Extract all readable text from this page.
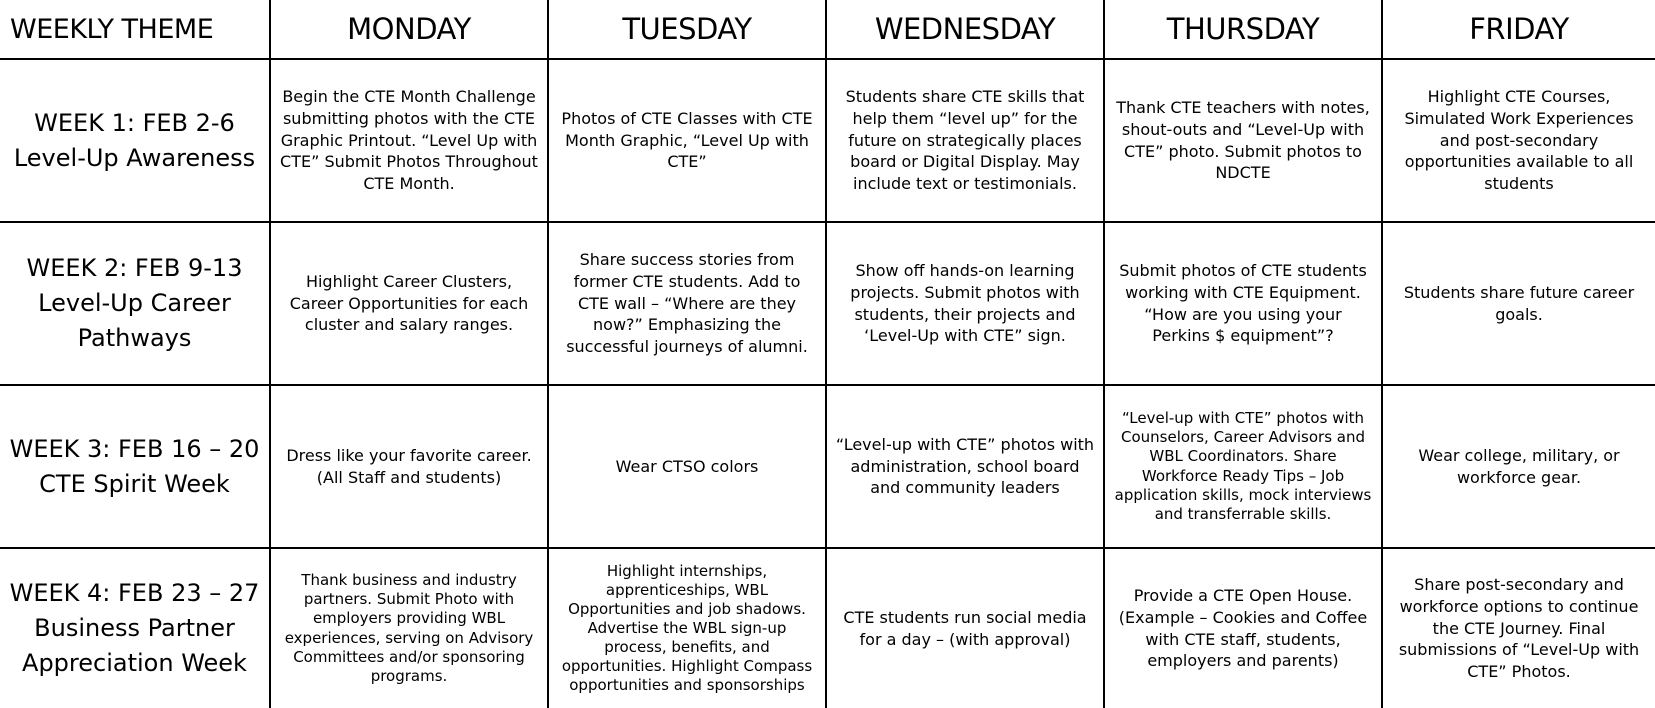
WEEKLY THEME	MONDAY	TUESDAY	WEDNESDAY	THURSDAY	FRIDAY

WEEK 1: FEB 2-6
Level-Up Awareness	Begin the CTE Month Challenge submitting photos with the CTE Graphic Printout. “Level Up with CTE” Submit Photos Throughout CTE Month.	Photos of CTE Classes with CTE Month Graphic, “Level Up with CTE”	Students share CTE skills that help them “level up” for the future on strategically places board or Digital Display. May include text or testimonials.	Thank CTE teachers with notes, shout-outs and “Level-Up with CTE” photo. Submit photos to NDCTE	Highlight CTE Courses, Simulated Work Experiences and post-secondary opportunities available to all students

WEEK 2: FEB 9-13
Level-Up Career
Pathways	Highlight Career Clusters, Career Opportunities for each cluster and salary ranges.	Share success stories from former CTE students. Add to CTE wall – “Where are they now?” Emphasizing the successful journeys of alumni.	Show off hands-on learning projects. Submit photos with students, their projects and ‘Level-Up with CTE” sign.	Submit photos of CTE students working with CTE Equipment. “How are you using your Perkins $ equipment”?	Students share future career goals.

WEEK 3: FEB 16 – 20
CTE Spirit Week	Dress like your favorite career. (All Staff and students)	Wear CTSO colors	“Level-up with CTE” photos with administration, school board and community leaders	“Level-up with CTE” photos with Counselors, Career Advisors and WBL Coordinators. Share Workforce Ready Tips – Job application skills, mock interviews and transferrable skills.	Wear college, military, or workforce gear.

WEEK 4: FEB 23 – 27
Business Partner
Appreciation Week	Thank business and industry partners. Submit Photo with employers providing WBL experiences, serving on Advisory Committees and/or sponsoring programs.	Highlight internships, apprenticeships, WBL Opportunities and job shadows. Advertise the WBL sign-up process, benefits, and opportunities. Highlight Compass opportunities and sponsorships	CTE students run social media for a day – (with approval)	Provide a CTE Open House. (Example – Cookies and Coffee with CTE staff, students, employers and parents)	Share post-secondary and workforce options to continue the CTE Journey. Final submissions of “Level-Up with CTE” Photos.
